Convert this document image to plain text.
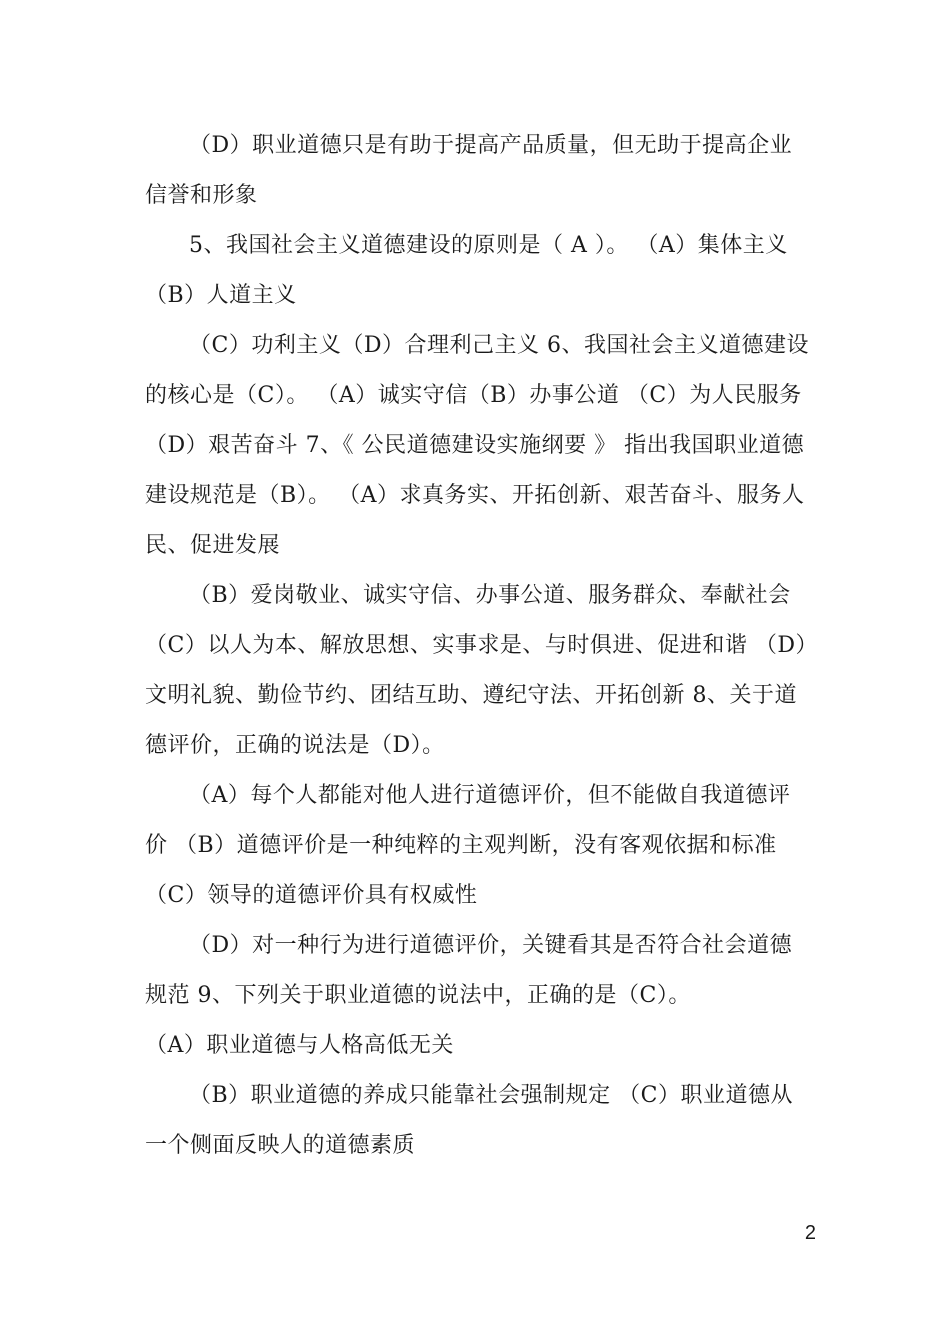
（D）职业道德只是有助于提高产品质量，但无助于提高企业信誉和形象

5、我国社会主义道德建设的原则是（ A ）。 （A）集体主义（B）人道主义

（C）功利主义（D）合理利己主义 6、我国社会主义道德建设的核心是（C）。 （A）诚实守信（B）办事公道 （C）为人民服务（D）艰苦奋斗 7、《 公民道德建设实施纲要 》 指出我国职业道德建设规范是（B）。 （A）求真务实、开拓创新、艰苦奋斗、服务人民、促进发展

（B）爱岗敬业、诚实守信、办事公道、服务群众、奉献社会 （C）以人为本、解放思想、实事求是、与时俱进、促进和谐 （D）文明礼貌、勤俭节约、团结互助、遵纪守法、开拓创新 8、关于道德评价，正确的说法是（D）。

（A）每个人都能对他人进行道德评价，但不能做自我道德评价 （B）道德评价是一种纯粹的主观判断，没有客观依据和标准 （C）领导的道德评价具有权威性

（D）对一种行为进行道德评价，关键看其是否符合社会道德规范 9、下列关于职业道德的说法中，正确的是（C）。

（A）职业道德与人格高低无关

（B）职业道德的养成只能靠社会强制规定 （C）职业道德从一个侧面反映人的道德素质

2
